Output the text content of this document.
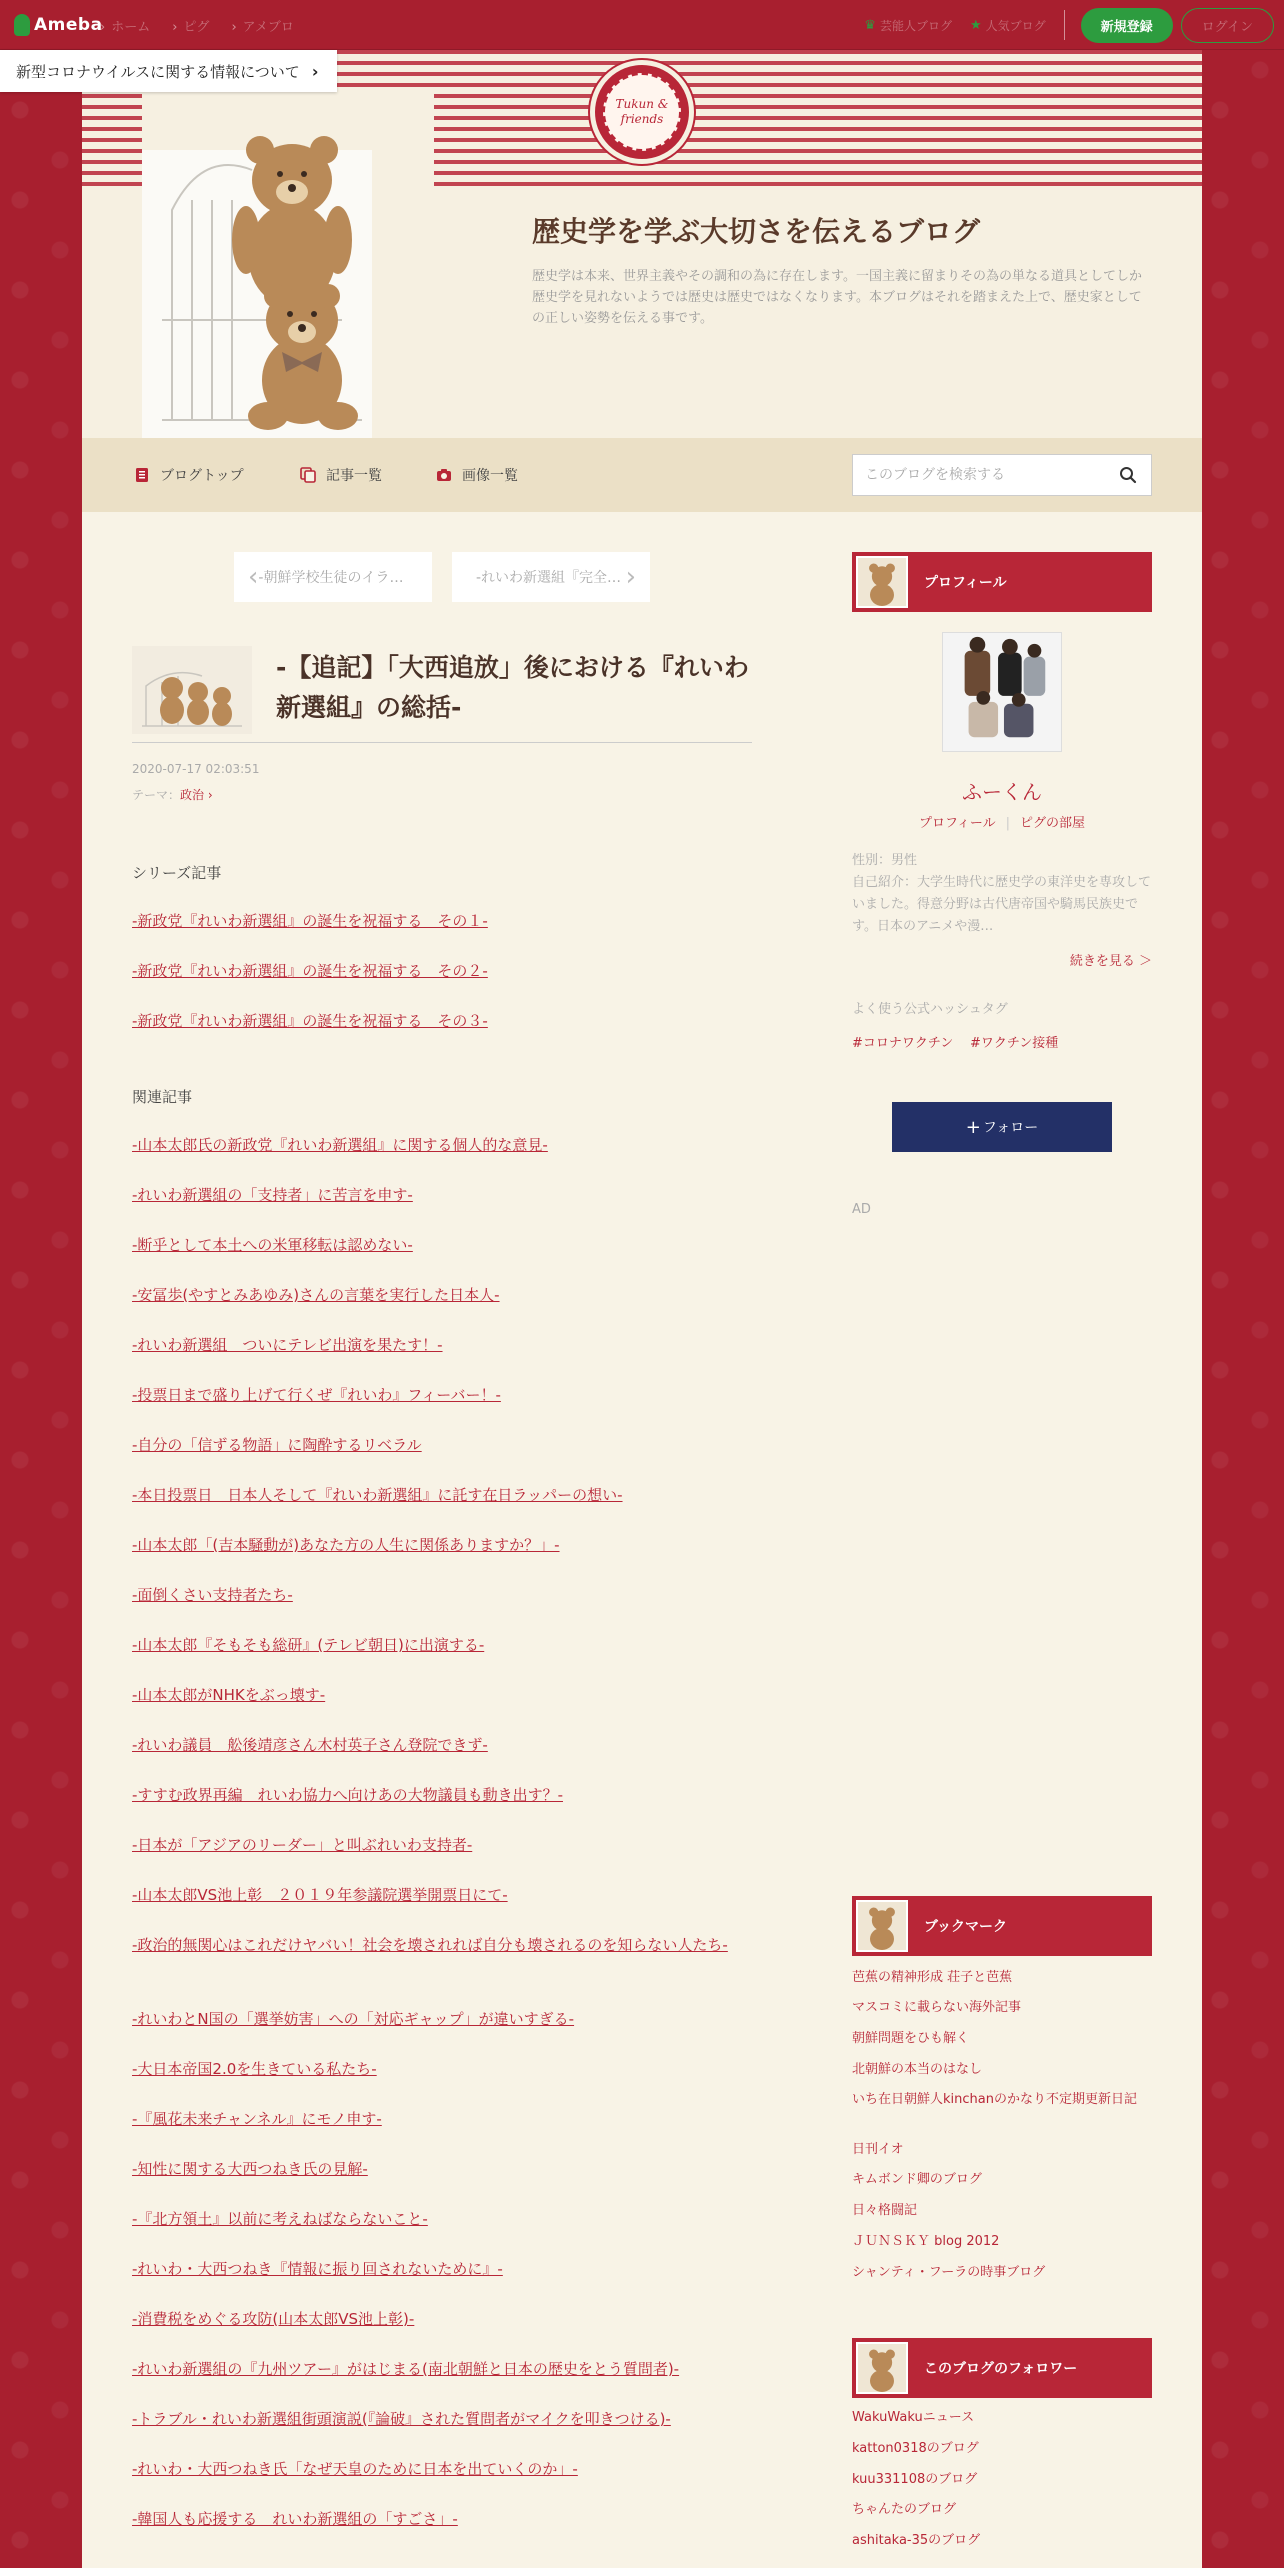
Ameba › ホーム	› ピグ	› アメブロ	♛ 芸能人ブログ ★ 人気ブログ	新規登録	ログイン
Tukun & friends
歴史学を学ぶ大切さを伝えるブログ
歴史学は本来、世界主義やその調和の為に存在します。一国主義に留まりその為の単なる道具としてしか歴史学を見れないようでは歴史は歴史ではなくなります。本ブログはそれを踏まえた上で、歴史家としての正しい姿勢を伝える事です。
ブログトップ	記事一覧	画像一覧
このブログを検索する
‹ -朝鮮学校生徒のイラ…	-れいわ新選組『完全… ›
-【追記】「大西追放」後における『れいわ新選組』の総括-
2020-07-17 02:03:51
テーマ：政治 ›
シリーズ記事
-新政党『れいわ新選組』の誕生を祝福する　その１-
-新政党『れいわ新選組』の誕生を祝福する　その２-
-新政党『れいわ新選組』の誕生を祝福する　その３-
関連記事
-山本太郎氏の新政党『れいわ新選組』に関する個人的な意見-
-れいわ新選組の「支持者」に苦言を申す-
-断乎として本土への米軍移転は認めない-
-安冨歩(やすとみあゆみ)さんの言葉を実行した日本人-
-れいわ新選組　ついにテレビ出演を果たす！-
-投票日まで盛り上げて行くぜ『れいわ』フィーバー！-
-自分の「信ずる物語」に陶酔するリベラル
-本日投票日　日本人そして『れいわ新選組』に託す在日ラッパーの想い-
-山本太郎「(吉本騒動が)あなた方の人生に関係ありますか？」-
-面倒くさい支持者たち-
-山本太郎『そもそも総研』(テレビ朝日)に出演する-
-山本太郎がNHKをぶっ壊す-
-れいわ議員　舩後靖彦さん木村英子さん登院できず-
-すすむ政界再編　れいわ協力へ向けあの大物議員も動き出す？-
-日本が「アジアのリーダー」と叫ぶれいわ支持者-
-山本太郎VS池上彰　２０１９年参議院選挙開票日にて-
-政治的無関心はこれだけヤバい！社会を壊されれば自分も壊されるのを知らない人たち-
-れいわとN国の「選挙妨害」への「対応ギャップ」が違いすぎる-
-大日本帝国2.0を生きている私たち-
-『風花未来チャンネル』にモノ申す-
-知性に関する大西つねき氏の見解-
-『北方領土』以前に考えねばならないこと-
-れいわ・大西つねき『情報に振り回されないために』-
-消費税をめぐる攻防(山本太郎VS池上彰)-
-れいわ新選組の『九州ツアー』がはじまる(南北朝鮮と日本の歴史をとう質問者)-
-トラブル・れいわ新選組街頭演説(『論破』された質問者がマイクを叩きつける)-
-れいわ・大西つねき氏「なぜ天皇のために日本を出ていくのか」-
-韓国人も応援する　れいわ新選組の「すごさ」-
プロフィール
ふーくん
プロフィール | ピグの部屋
性別：男性
自己紹介：大学生時代に歴史学の東洋史を専攻していました。得意分野は古代唐帝国や騎馬民族史です。日本のアニメや漫…
続きを見る ＞
よく使う公式ハッシュタグ
#コロナワクチン #ワクチン接種
+ フォロー
AD
ブックマーク
芭蕉の精神形成 荘子と芭蕉
マスコミに載らない海外記事
朝鮮問題をひも解く
北朝鮮の本当のはなし
いち在日朝鮮人kinchanのかなり不定期更新日記
日刊イオ
キムボンド卿のブログ
日々格闘記
ＪＵＮＳＫＹ blog 2012
シャンティ・フーラの時事ブログ
このブログのフォロワー
WakuWakuニュース
katton0318のブログ
kuu331108のブログ
ちゃんたのブログ
ashitaka-35のブログ
新型コロナウイルスに関する情報について ›
